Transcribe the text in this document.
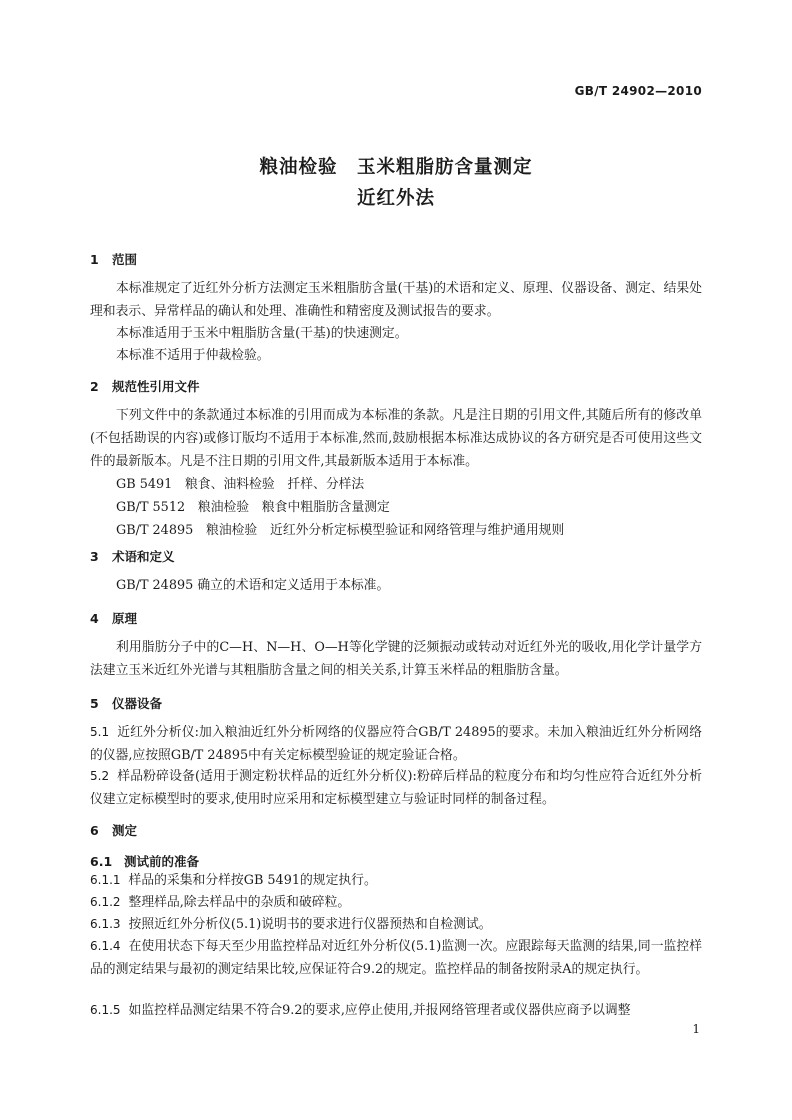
GB/T 24902—2010
粮油检验　玉米粗脂肪含量测定
近红外法
1 范围
本标准规定了近红外分析方法测定玉米粗脂肪含量(干基)的术语和定义、原理、仪器设备、测定、结果处理和表示、异常样品的确认和处理、准确性和精密度及测试报告的要求。
本标准适用于玉米中粗脂肪含量(干基)的快速测定。
本标准不适用于仲裁检验。
2 规范性引用文件
下列文件中的条款通过本标准的引用而成为本标准的条款。凡是注日期的引用文件,其随后所有的修改单(不包括勘误的内容)或修订版均不适用于本标准,然而,鼓励根据本标准达成协议的各方研究是否可使用这些文件的最新版本。凡是不注日期的引用文件,其最新版本适用于本标准。
GB 5491　粮食、油料检验　扦样、分样法
GB/T 5512　粮油检验　粮食中粗脂肪含量测定
GB/T 24895　粮油检验　近红外分析定标模型验证和网络管理与维护通用规则
3 术语和定义
GB/T 24895 确立的术语和定义适用于本标准。
4 原理
利用脂肪分子中的C—H、N—H、O—H等化学键的泛频振动或转动对近红外光的吸收,用化学计量学方法建立玉米近红外光谱与其粗脂肪含量之间的相关关系,计算玉米样品的粗脂肪含量。
5 仪器设备
5.1 近红外分析仪:加入粮油近红外分析网络的仪器应符合GB/T 24895的要求。未加入粮油近红外分析网络的仪器,应按照GB/T 24895中有关定标模型验证的规定验证合格。
5.2 样品粉碎设备(适用于测定粉状样品的近红外分析仪):粉碎后样品的粒度分布和均匀性应符合近红外分析仪建立定标模型时的要求,使用时应采用和定标模型建立与验证时同样的制备过程。
6 测定
6.1 测试前的准备
6.1.1 样品的采集和分样按GB 5491的规定执行。
6.1.2 整理样品,除去样品中的杂质和破碎粒。
6.1.3 按照近红外分析仪(5.1)说明书的要求进行仪器预热和自检测试。
6.1.4 在使用状态下每天至少用监控样品对近红外分析仪(5.1)监测一次。应跟踪每天监测的结果,同一监控样品的测定结果与最初的测定结果比较,应保证符合9.2的规定。监控样品的制备按附录A的规定执行。
6.1.5 如监控样品测定结果不符合9.2的要求,应停止使用,并报网络管理者或仪器供应商予以调整
1
